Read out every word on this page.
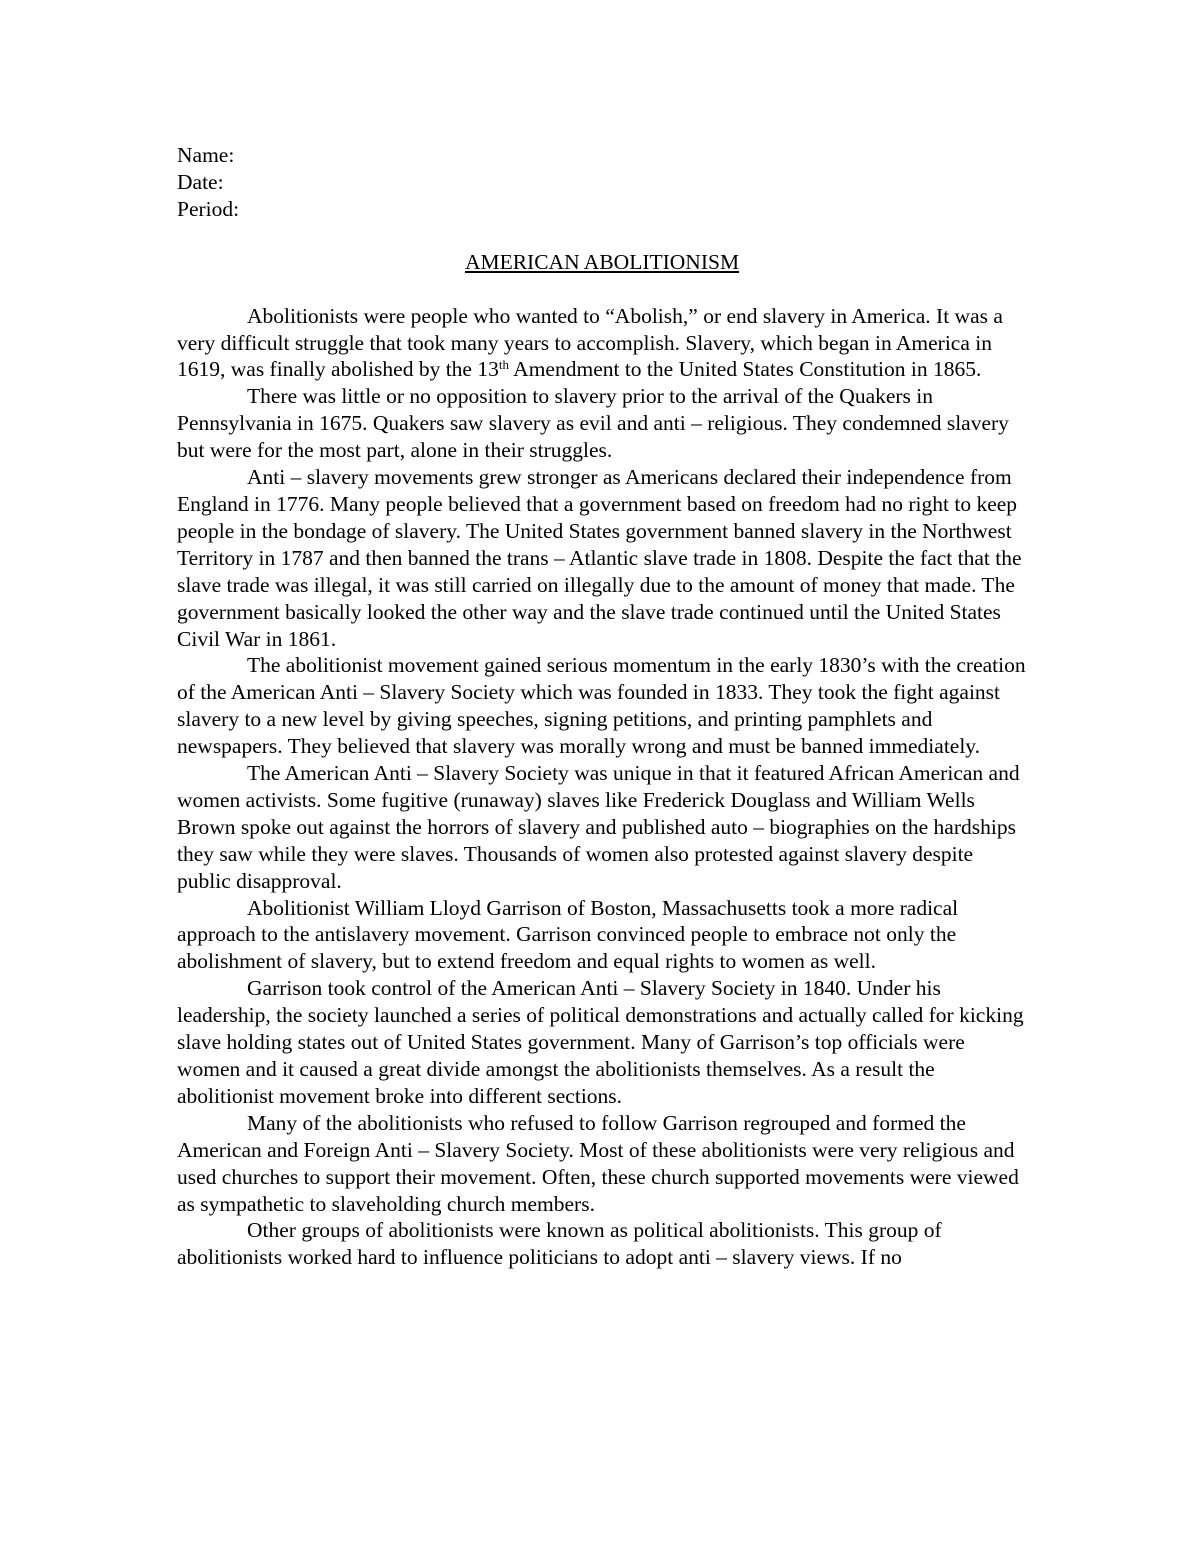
Name:
Date:
Period:
AMERICAN ABOLITIONISM

Abolitionists were people who wanted to “Abolish,” or end slavery in America. It was a very difficult struggle that took many years to accomplish. Slavery, which began in America in 1619, was finally abolished by the 13th Amendment to the United States Constitution in 1865.

There was little or no opposition to slavery prior to the arrival of the Quakers in Pennsylvania in 1675. Quakers saw slavery as evil and anti – religious. They condemned slavery but were for the most part, alone in their struggles.

Anti – slavery movements grew stronger as Americans declared their independence from England in 1776. Many people believed that a government based on freedom had no right to keep people in the bondage of slavery. The United States government banned slavery in the Northwest Territory in 1787 and then banned the trans – Atlantic slave trade in 1808. Despite the fact that the slave trade was illegal, it was still carried on illegally due to the amount of money that made. The government basically looked the other way and the slave trade continued until the United States Civil War in 1861.

The abolitionist movement gained serious momentum in the early 1830’s with the creation of the American Anti – Slavery Society which was founded in 1833. They took the fight against slavery to a new level by giving speeches, signing petitions, and printing pamphlets and newspapers. They believed that slavery was morally wrong and must be banned immediately.

The American Anti – Slavery Society was unique in that it featured African American and women activists. Some fugitive (runaway) slaves like Frederick Douglass and William Wells Brown spoke out against the horrors of slavery and published auto – biographies on the hardships they saw while they were slaves. Thousands of women also protested against slavery despite public disapproval.

Abolitionist William Lloyd Garrison of Boston, Massachusetts took a more radical approach to the antislavery movement. Garrison convinced people to embrace not only the abolishment of slavery, but to extend freedom and equal rights to women as well.

Garrison took control of the American Anti – Slavery Society in 1840. Under his leadership, the society launched a series of political demonstrations and actually called for kicking slave holding states out of United States government. Many of Garrison’s top officials were women and it caused a great divide amongst the abolitionists themselves. As a result the abolitionist movement broke into different sections.

Many of the abolitionists who refused to follow Garrison regrouped and formed the American and Foreign Anti – Slavery Society. Most of these abolitionists were very religious and used churches to support their movement. Often, these church supported movements were viewed as sympathetic to slaveholding church members.

Other groups of abolitionists were known as political abolitionists. This group of abolitionists worked hard to influence politicians to adopt anti – slavery views. If no
